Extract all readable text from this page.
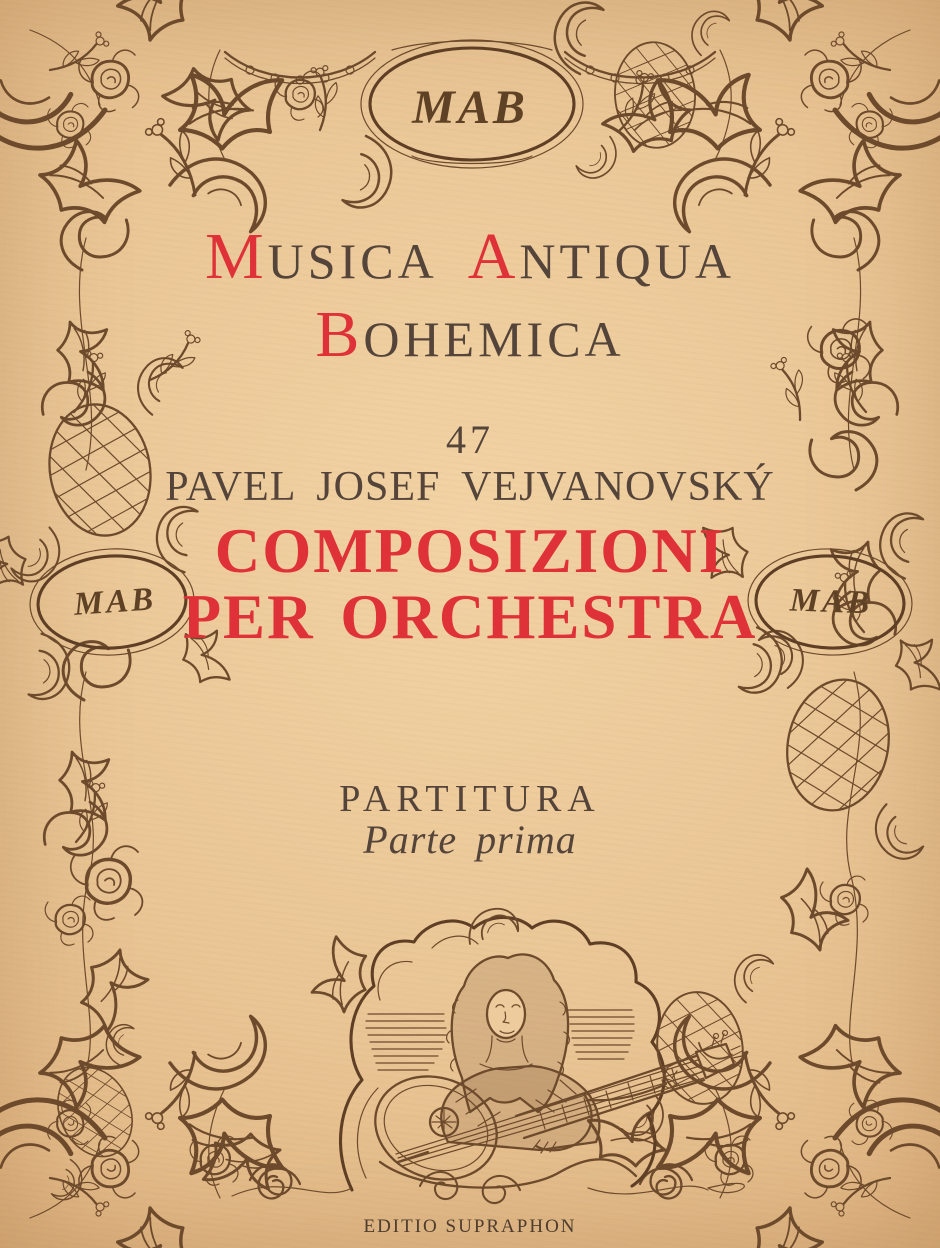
MAB
MAB	MAB
MUSICA ANTIQUA
BOHEMICA
47
PAVEL JOSEF VEJVANOVSKÝ
COMPOSIZIONI
PER ORCHESTRA
PARTITURA
Parte prima
EDITIO SUPRAPHON
